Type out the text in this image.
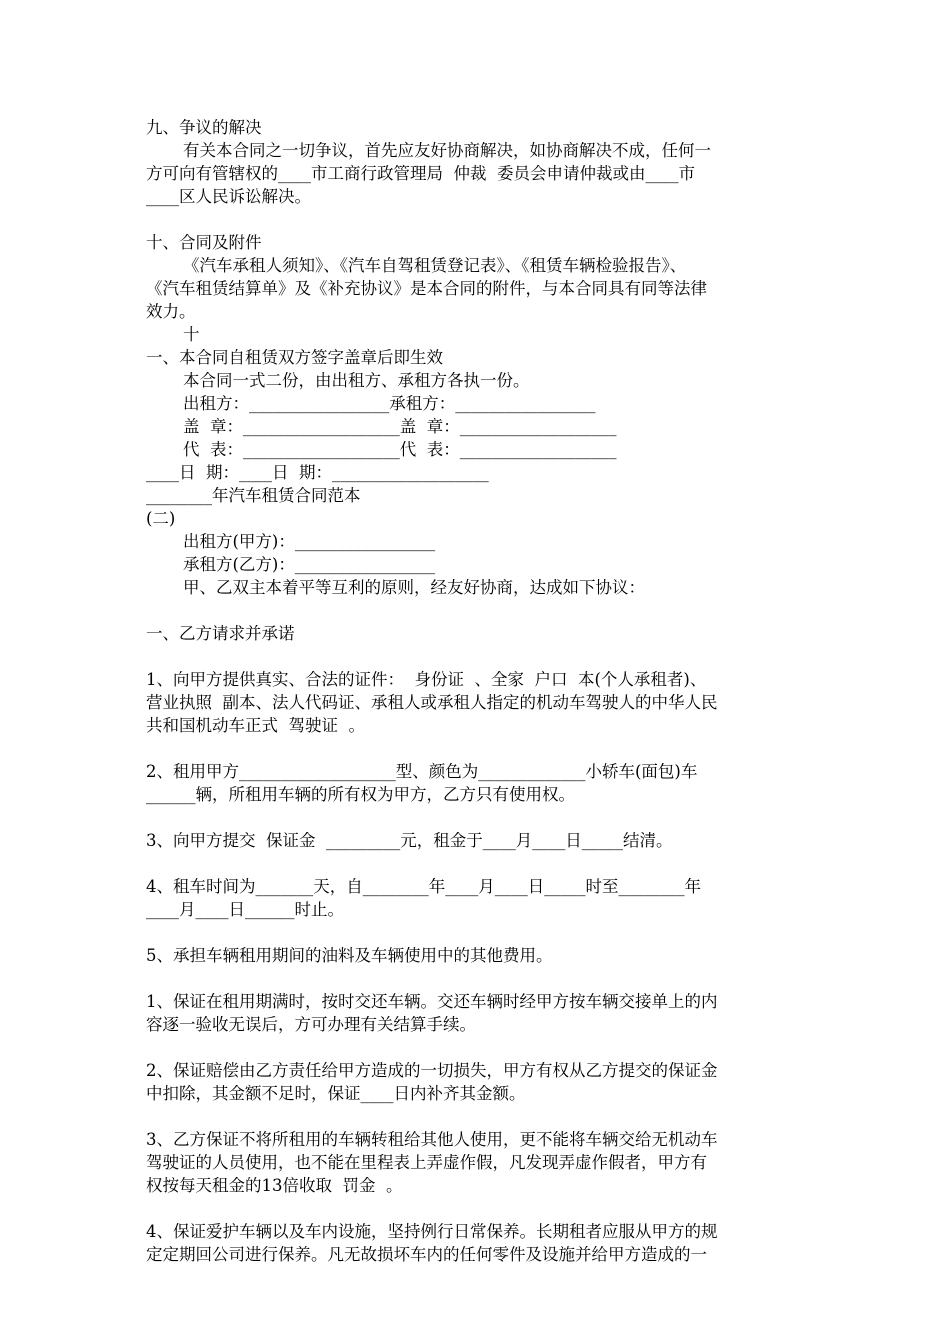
九、争议的解决
有关本合同之一切争议，首先应友好协商解决，如协商解决不成，任何一
方可向有管辖权的____市工商行政管理局  仲裁  委员会申请仲裁或由____市
____区人民诉讼解决。
十、合同及附件
《汽车承租人须知》、《汽车自驾租赁登记表》、《租赁车辆检验报告》、
《汽车租赁结算单》及《补充协议》是本合同的附件，与本合同具有同等法律
效力。
十
一、本合同自租赁双方签字盖章后即生效
本合同一式二份，由出租方、承租方各执一份。
出租方：_________________承租方：_________________
盖  章：___________________盖  章：___________________
代  表：___________________代  表：___________________
____日  期：____日  期：___________________
________年汽车租赁合同范本
(二)
出租方(甲方)：_________________
承租方(乙方)：_________________
甲、乙双主本着平等互利的原则，经友好协商，达成如下协议：
一、乙方请求并承诺
1、向甲方提供真实、合法的证件：  身份证  、全家  户口  本(个人承租者)、
营业执照  副本、法人代码证、承租人或承租人指定的机动车驾驶人的中华人民
共和国机动车正式  驾驶证  。
2、租用甲方___________________型、颜色为_____________小轿车(面包)车
______辆，所租用车辆的所有权为甲方，乙方只有使用权。
3、向甲方提交  保证金  _________元，租金于____月____日_____结清。
4、租车时间为_______天，自________年____月____日_____时至________年
____月____日______时止。
5、承担车辆租用期间的油料及车辆使用中的其他费用。
1、保证在租用期满时，按时交还车辆。交还车辆时经甲方按车辆交接单上的内
容逐一验收无误后，方可办理有关结算手续。
2、保证赔偿由乙方责任给甲方造成的一切损失，甲方有权从乙方提交的保证金
中扣除，其金额不足时，保证____日内补齐其金额。
3、乙方保证不将所租用的车辆转租给其他人使用，更不能将车辆交给无机动车
驾驶证的人员使用，也不能在里程表上弄虚作假，凡发现弄虚作假者，甲方有
权按每天租金的13倍收取  罚金  。
4、保证爱护车辆以及车内设施，坚持例行日常保养。长期租者应服从甲方的规
定定期回公司进行保养。凡无故损坏车内的任何零件及设施并给甲方造成的一
